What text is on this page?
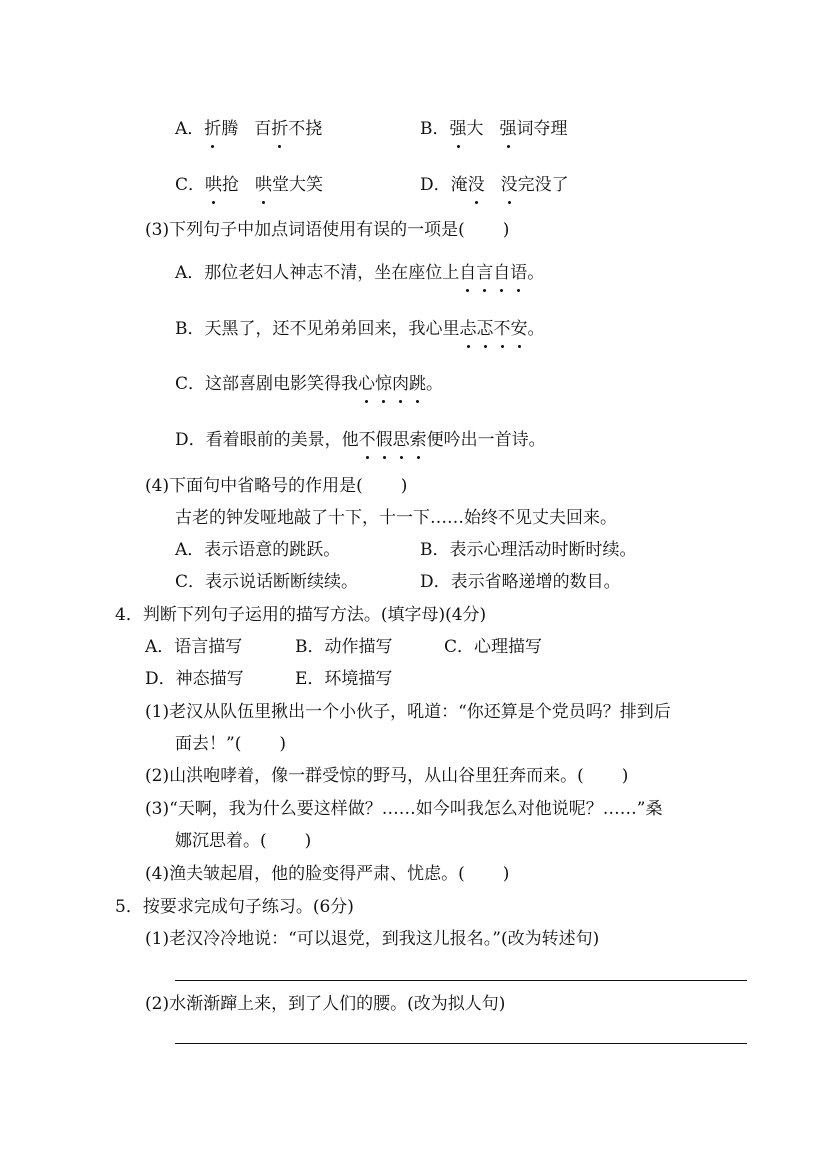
A．折腾 百折不挠	B．强大 强词夺理
C．哄抢 哄堂大笑	D．淹没 没完没了
(3)下列句子中加点词语使用有误的一项是( )
A．那位老妇人神志不清，坐在座位上自言自语。
B．天黑了，还不见弟弟回来，我心里忐忑不安。
C．这部喜剧电影笑得我心惊肉跳。
D．看着眼前的美景，他不假思索便吟出一首诗。
(4)下面句中省略号的作用是( )
古老的钟发哑地敲了十下，十一下……始终不见丈夫回来。
A．表示语意的跳跃。	B．表示心理活动时断时续。
C．表示说话断断续续。	D．表示省略递增的数目。
4．判断下列句子运用的描写方法。(填字母)(4分)
A．语言描写	B．动作描写	C．心理描写
D．神态描写	E．环境描写
(1)老汉从队伍里揪出一个小伙子，吼道：“你还算是个党员吗？排到后
面去！”( )
(2)山洪咆哮着，像一群受惊的野马，从山谷里狂奔而来。( )
(3)“天啊，我为什么要这样做？……如今叫我怎么对他说呢？……”桑
娜沉思着。( )
(4)渔夫皱起眉，他的脸变得严肃、忧虑。( )
5．按要求完成句子练习。(6分)
(1)老汉冷冷地说：“可以退党，到我这儿报名。”(改为转述句)
(2)水渐渐蹿上来，到了人们的腰。(改为拟人句)
